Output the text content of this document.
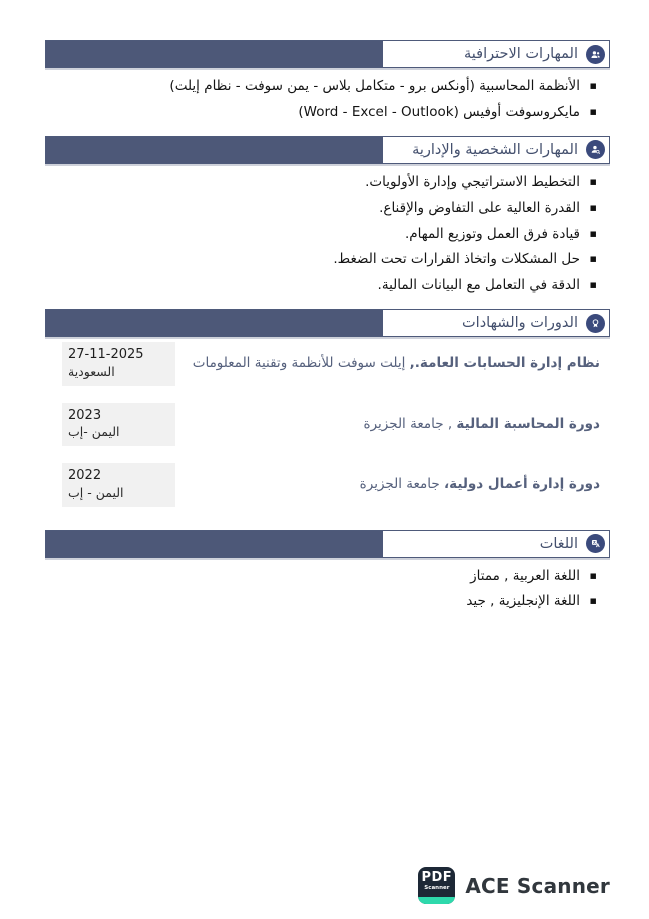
المهارات الاحترافية
▪ الأنظمة المحاسبية (أونكس برو - متكامل بلاس - يمن سوفت - نظام إيلت)
▪ مايكروسوفت أوفيس (Word - Excel - Outlook)
المهارات الشخصية والإدارية
▪ التخطيط الاستراتيجي وإدارة الأولويات.
▪ القدرة العالية على التفاوض والإقناع.
▪ قيادة فرق العمل وتوزيع المهام.
▪ حل المشكلات واتخاذ القرارات تحت الضغط.
▪ الدقة في التعامل مع البيانات المالية.
الدورات والشهادات
نظام إدارة الحسابات العامة., إيلت سوفت للأنظمة وتقنية المعلومات
27-11-2025
السعودية
دورة المحاسبة المالية , جامعة الجزيرة
2023
اليمن -إب
دورة إدارة أعمال دولية، جامعة الجزيرة
2022
اليمن - إب
اللغات
▪ اللغة العربية , ممتاز
▪ اللغة الإنجليزية , جيد
PDF
Scanner ACE Scanner
